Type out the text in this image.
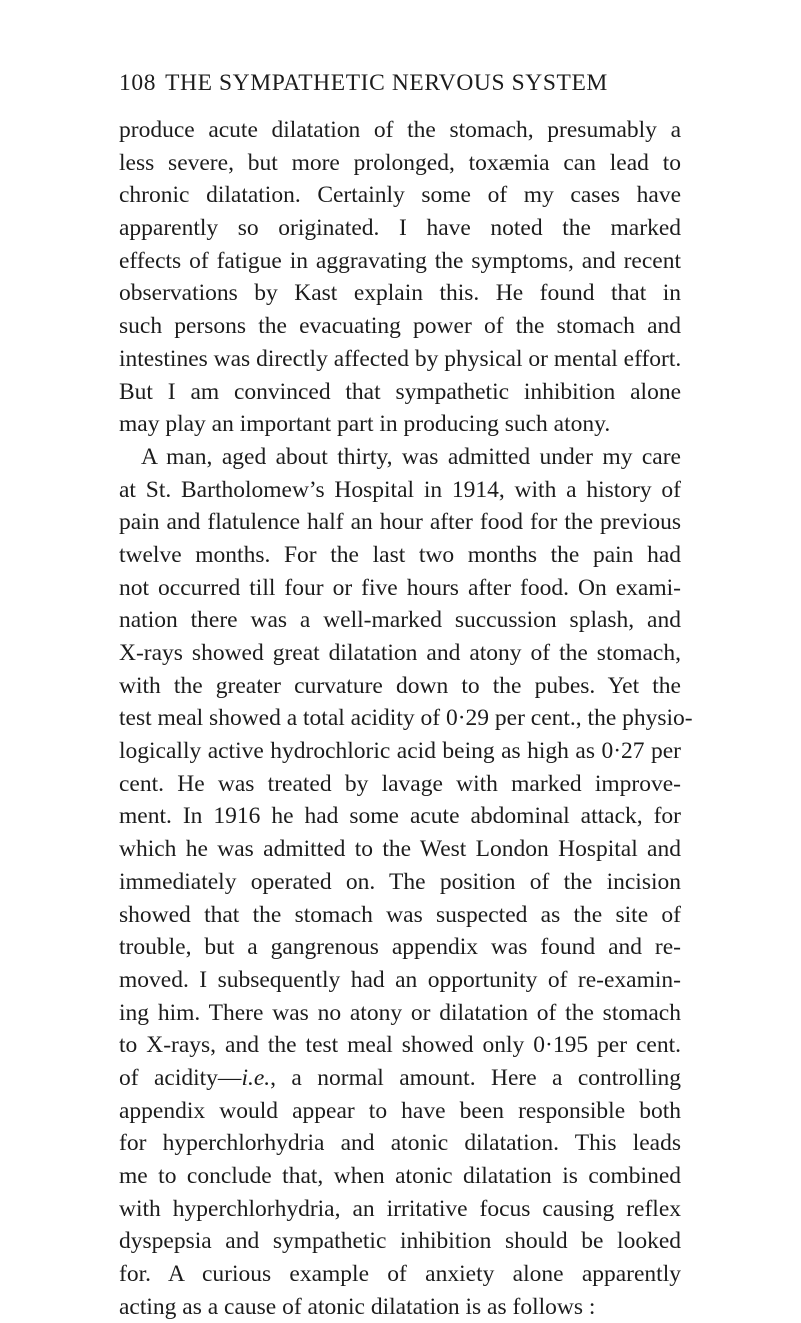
108 THE SYMPATHETIC NERVOUS SYSTEM
produce acute dilatation of the stomach, presumably a
less severe, but more prolonged, toxæmia can lead to
chronic dilatation. Certainly some of my cases have
apparently so originated. I have noted the marked
effects of fatigue in aggravating the symptoms, and recent
observations by Kast explain this. He found that in
such persons the evacuating power of the stomach and
intestines was directly affected by physical or mental effort.
But I am convinced that sympathetic inhibition alone
may play an important part in producing such atony.
A man, aged about thirty, was admitted under my care
at St. Bartholomew’s Hospital in 1914, with a history of
pain and flatulence half an hour after food for the previous
twelve months. For the last two months the pain had
not occurred till four or five hours after food. On exami-
nation there was a well-marked succussion splash, and
X-rays showed great dilatation and atony of the stomach,
with the greater curvature down to the pubes. Yet the
test meal showed a total acidity of 0·29 per cent., the physio-
logically active hydrochloric acid being as high as 0·27 per
cent. He was treated by lavage with marked improve-
ment. In 1916 he had some acute abdominal attack, for
which he was admitted to the West London Hospital and
immediately operated on. The position of the incision
showed that the stomach was suspected as the site of
trouble, but a gangrenous appendix was found and re-
moved. I subsequently had an opportunity of re-examin-
ing him. There was no atony or dilatation of the stomach
to X-rays, and the test meal showed only 0·195 per cent.
of acidity—i.e., a normal amount. Here a controlling
appendix would appear to have been responsible both
for hyperchlorhydria and atonic dilatation. This leads
me to conclude that, when atonic dilatation is combined
with hyperchlorhydria, an irritative focus causing reflex
dyspepsia and sympathetic inhibition should be looked
for. A curious example of anxiety alone apparently
acting as a cause of atonic dilatation is as follows :
